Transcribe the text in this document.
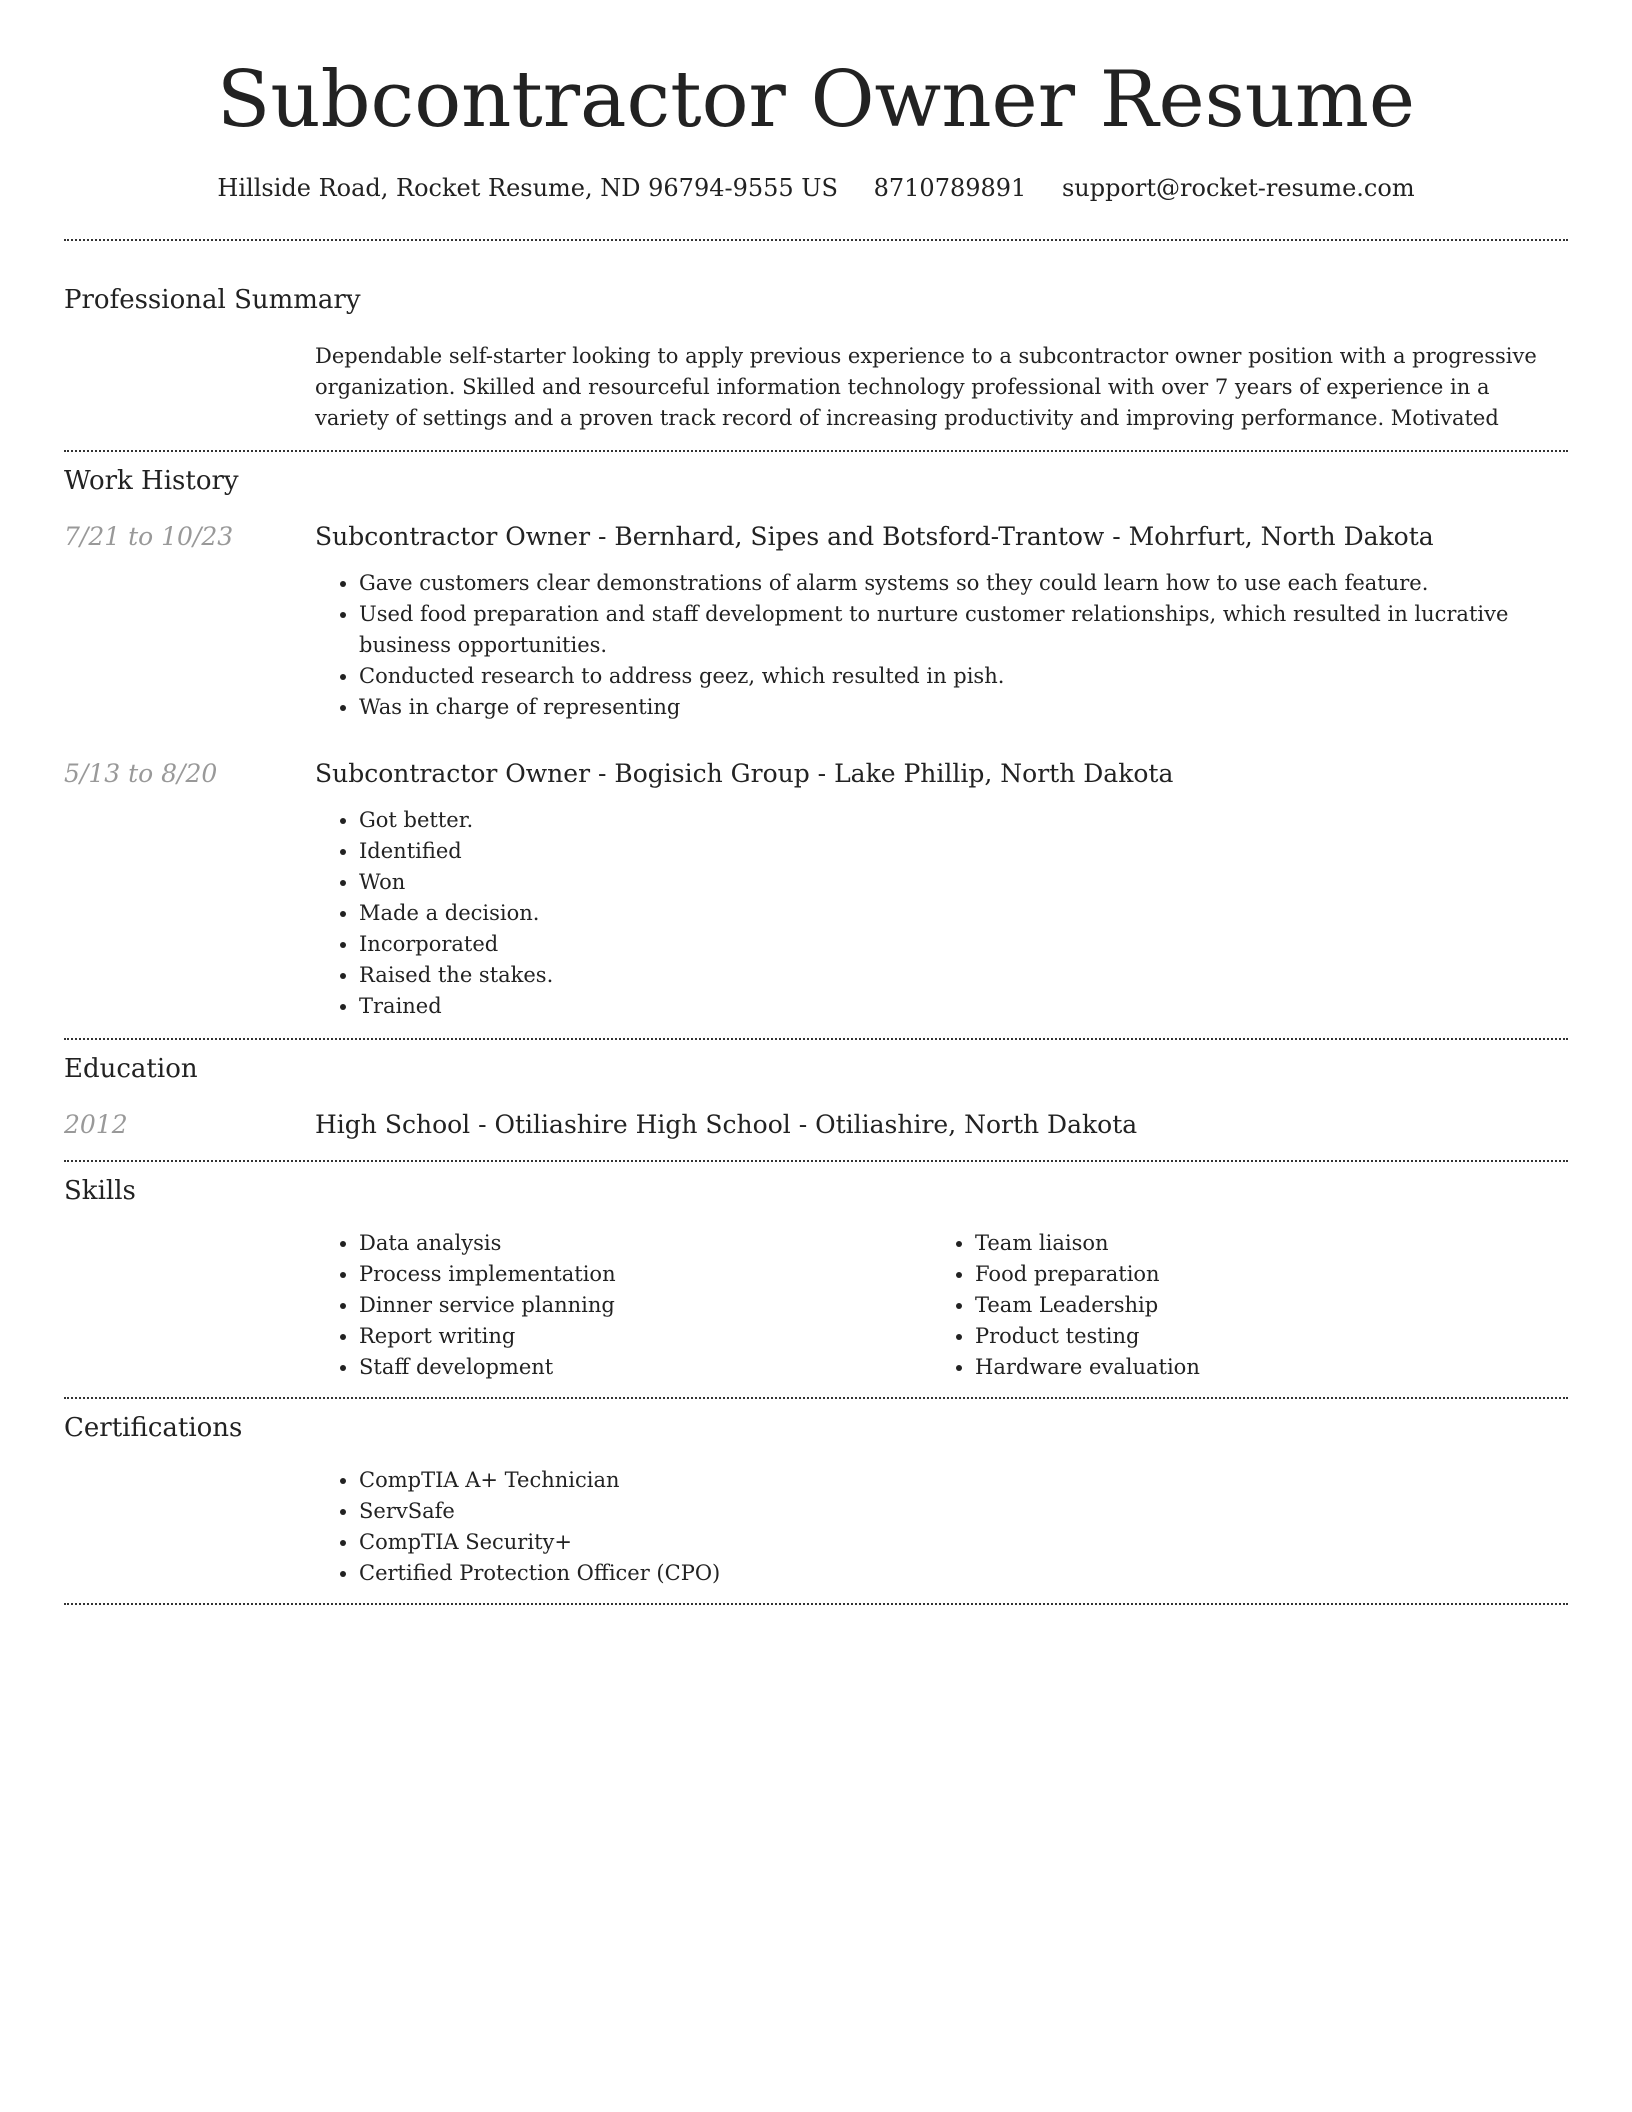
Subcontractor Owner Resume
Hillside Road, Rocket Resume, ND 96794-9555 US 8710789891 support@rocket-resume.com
Professional Summary

Dependable self-starter looking to apply previous experience to a subcontractor owner position with a progressive organization. Skilled and resourceful information technology professional with over 7 years of experience in a variety of settings and a proven track record of increasing productivity and improving performance. Motivated

Work History
7/21 to 10/23	Subcontractor Owner - Bernhard, Sipes and Botsford-Trantow - Mohrfurt, North Dakota
• Gave customers clear demonstrations of alarm systems so they could learn how to use each feature.
• Used food preparation and staff development to nurture customer relationships, which resulted in lucrative business opportunities.
• Conducted research to address geez, which resulted in pish.
• Was in charge of representing
5/13 to 8/20	Subcontractor Owner - Bogisich Group - Lake Phillip, North Dakota
• Got better.
• Identified
• Won
• Made a decision.
• Incorporated
• Raised the stakes.
• Trained
Education
2012	High School - Otiliashire High School - Otiliashire, North Dakota
Skills
• Data analysis
• Process implementation
• Dinner service planning
• Report writing
• Staff development
• Team liaison
• Food preparation
• Team Leadership
• Product testing
• Hardware evaluation
Certifications
• CompTIA A+ Technician
• ServSafe
• CompTIA Security+
• Certified Protection Officer (CPO)
